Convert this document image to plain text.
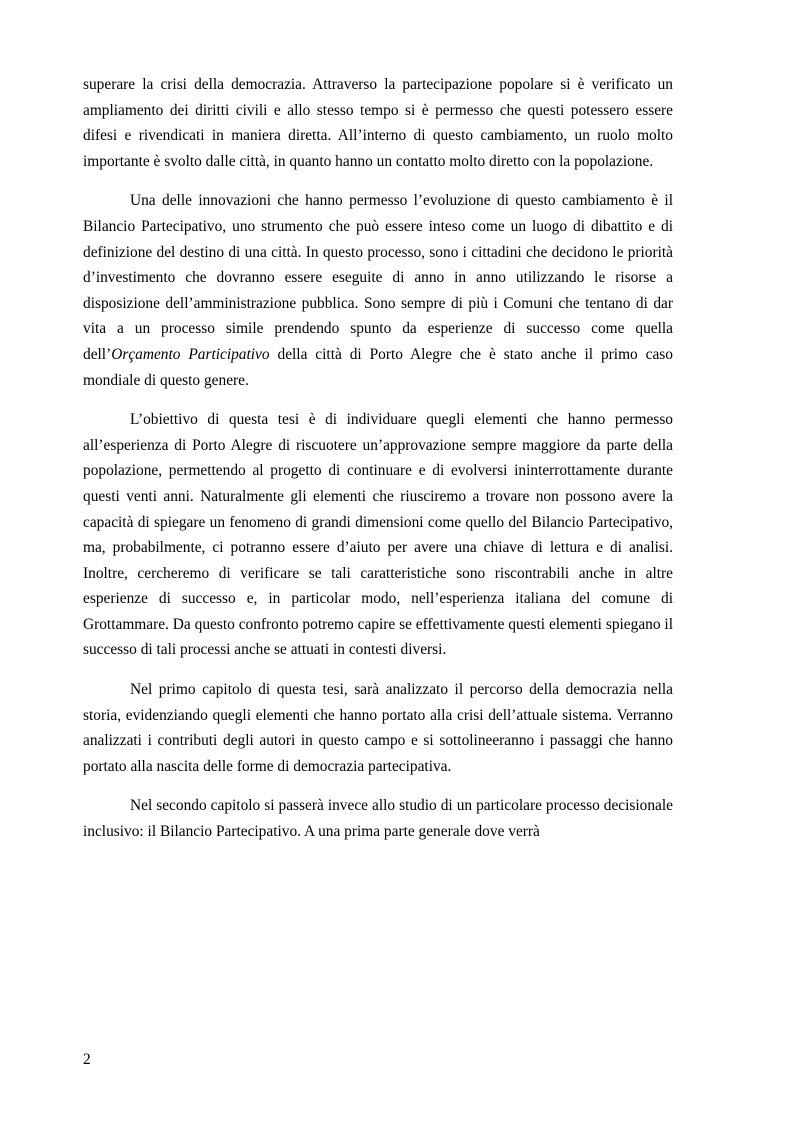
superare la crisi della democrazia. Attraverso la partecipazione popolare si è verificato un ampliamento dei diritti civili e allo stesso tempo si è permesso che questi potessero essere difesi e rivendicati in maniera diretta. All’interno di questo cambiamento, un ruolo molto importante è svolto dalle città, in quanto hanno un contatto molto diretto con la popolazione.

Una delle innovazioni che hanno permesso l’evoluzione di questo cambiamento è il Bilancio Partecipativo, uno strumento che può essere inteso come un luogo di dibattito e di definizione del destino di una città. In questo processo, sono i cittadini che decidono le priorità d’investimento che dovranno essere eseguite di anno in anno utilizzando le risorse a disposizione dell’amministrazione pubblica. Sono sempre di più i Comuni che tentano di dar vita a un processo simile prendendo spunto da esperienze di successo come quella dell’Orçamento Participativo della città di Porto Alegre che è stato anche il primo caso mondiale di questo genere.

L’obiettivo di questa tesi è di individuare quegli elementi che hanno permesso all’esperienza di Porto Alegre di riscuotere un’approvazione sempre maggiore da parte della popolazione, permettendo al progetto di continuare e di evolversi ininterrottamente durante questi venti anni. Naturalmente gli elementi che riusciremo a trovare non possono avere la capacità di spiegare un fenomeno di grandi dimensioni come quello del Bilancio Partecipativo, ma, probabilmente, ci potranno essere d’aiuto per avere una chiave di lettura e di analisi. Inoltre, cercheremo di verificare se tali caratteristiche sono riscontrabili anche in altre esperienze di successo e, in particolar modo, nell’esperienza italiana del comune di Grottammare. Da questo confronto potremo capire se effettivamente questi elementi spiegano il successo di tali processi anche se attuati in contesti diversi.

Nel primo capitolo di questa tesi, sarà analizzato il percorso della democrazia nella storia, evidenziando quegli elementi che hanno portato alla crisi dell’attuale sistema. Verranno analizzati i contributi degli autori in questo campo e si sottolineeranno i passaggi che hanno portato alla nascita delle forme di democrazia partecipativa.

Nel secondo capitolo si passerà invece allo studio di un particolare processo decisionale inclusivo: il Bilancio Partecipativo. A una prima parte generale dove verrà

2
